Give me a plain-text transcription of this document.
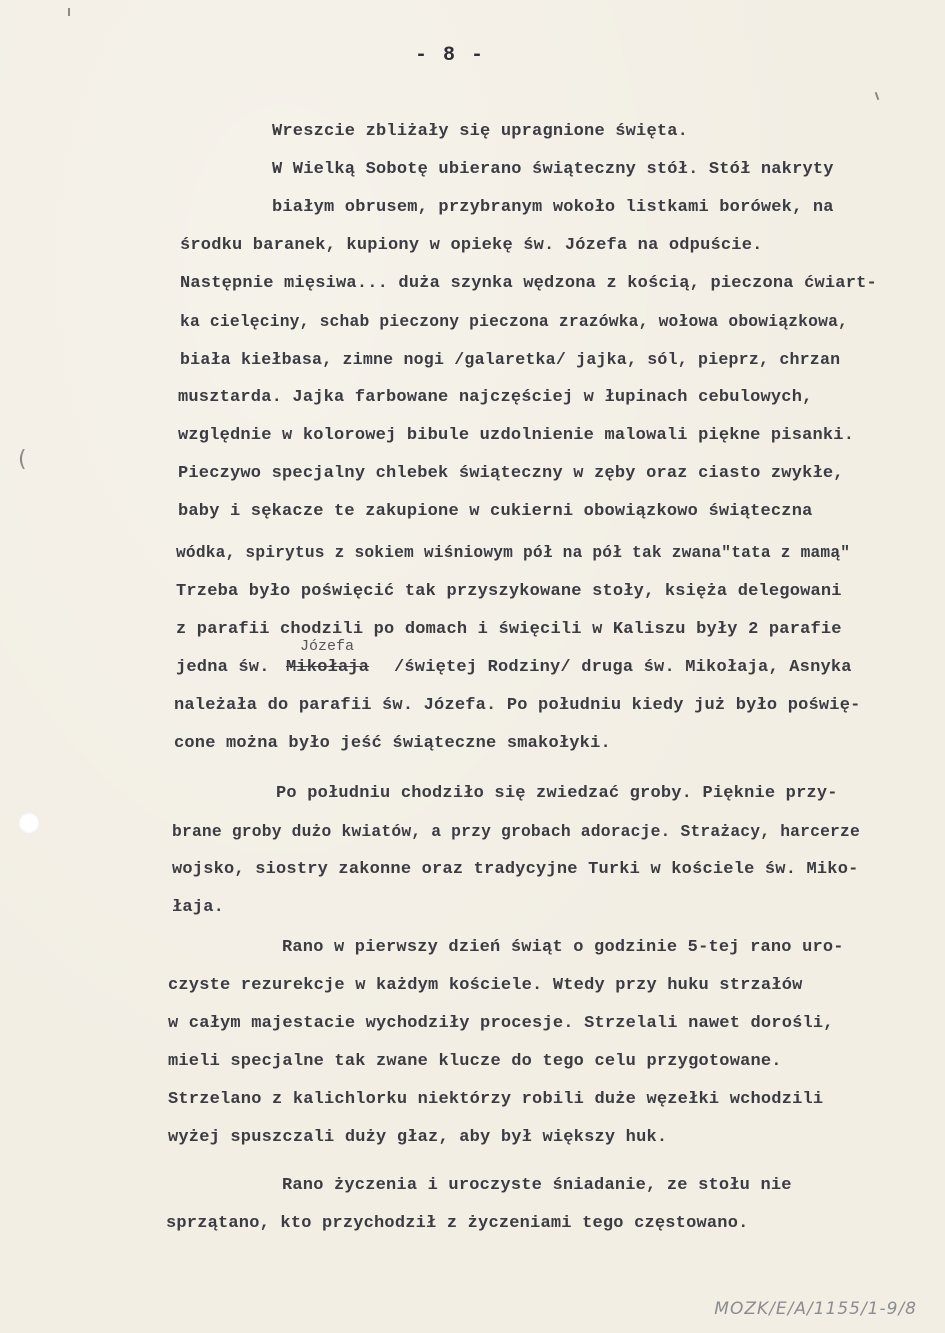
- 8 -
Wreszcie zbliżały się upragnione święta.
W Wielką Sobotę ubierano świąteczny stół. Stół nakryty
białym obrusem, przybranym wokoło listkami borówek, na
środku baranek, kupiony w opiekę św. Józefa na odpuście.
Następnie mięsiwa... duża szynka wędzona z kością, pieczona ćwiart-
ka cielęciny, schab pieczony pieczona zrazówka, wołowa obowiązkowa,
biała kiełbasa, zimne nogi /galaretka/ jajka, sól, pieprz, chrzan
musztarda. Jajka farbowane najczęściej w łupinach cebulowych,
względnie w kolorowej bibule uzdolnienie malowali piękne pisanki.
Pieczywo specjalny chlebek świąteczny w zęby oraz ciasto zwykłe,
baby i sękacze te zakupione w cukierni obowiązkowo świąteczna
wódka, spirytus z sokiem wiśniowym pół na pół tak zwana"tata z mamą"
Trzeba było poświęcić tak przyszykowane stoły, księża delegowani
z parafii chodzili po domach i święcili w Kaliszu były 2 parafie
Józefa
jedna św. Mikołaja /świętej Rodziny/ druga św. Mikołaja, Asnyka
należała do parafii św. Józefa. Po południu kiedy już było poświę-
cone można było jeść świąteczne smakołyki.
Po południu chodziło się zwiedzać groby. Pięknie przy-
brane groby dużo kwiatów, a przy grobach adoracje. Strażacy, harcerze
wojsko, siostry zakonne oraz tradycyjne Turki w kościele św. Miko-
łaja.
Rano w pierwszy dzień świąt o godzinie 5-tej rano uro-
czyste rezurekcje w każdym kościele. Wtedy przy huku strzałów
w całym majestacie wychodziły procesje. Strzelali nawet dorośli,
mieli specjalne tak zwane klucze do tego celu przygotowane.
Strzelano z kalichlorku niektórzy robili duże węzełki wchodzili
wyżej spuszczali duży głaz, aby był większy huk.
Rano życzenia i uroczyste śniadanie, ze stołu nie
sprzątano, kto przychodził z życzeniami tego częstowano.
(
MOZK/E/A/1155/1-9/8
